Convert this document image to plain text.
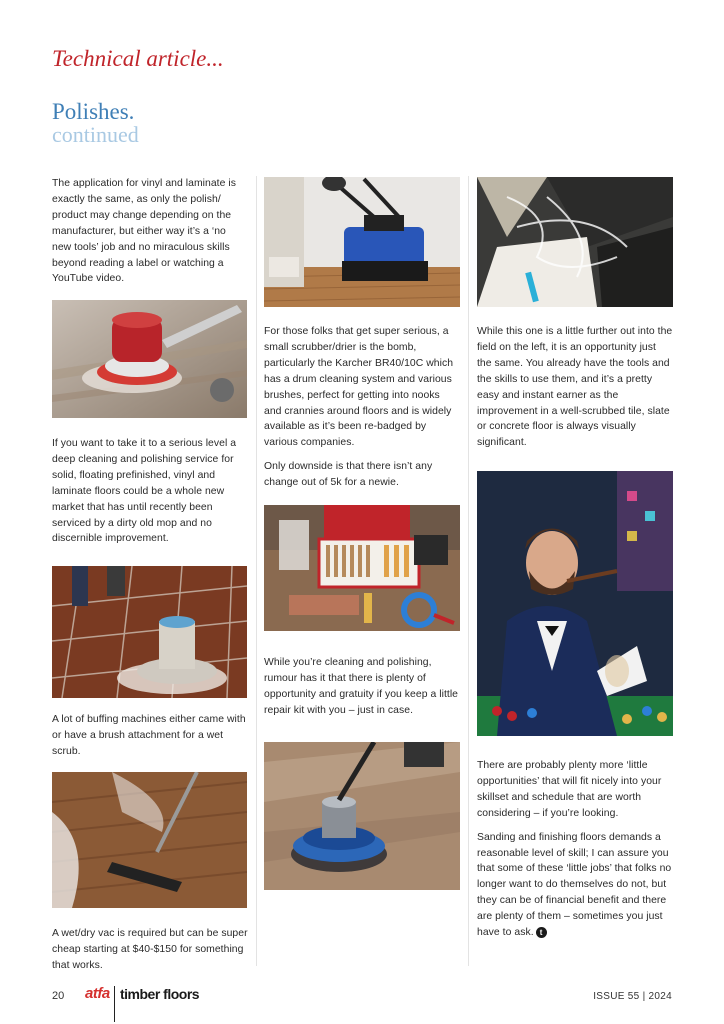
Technical article...
Polishes.
continued

The application for vinyl and laminate is exactly the same, as only the polish/ product may change depending on the manufacturer, but either way it’s a ‘no new tools’ job and no miraculous skills beyond reading a label or watching a YouTube video.

If you want to take it to a serious level a deep cleaning and polishing service for solid, floating prefinished, vinyl and laminate floors could be a whole new market that has until recently been serviced by a dirty old mop and no discernible improvement.

A lot of buffing machines either came with or have a brush attachment for a wet scrub.

A wet/dry vac is required but can be super cheap starting at $40-$150 for something that works.

For those folks that get super serious, a small scrubber/drier is the bomb, particularly the Karcher BR40/10C which has a drum cleaning system and various brushes, perfect for getting into nooks and crannies around floors and is widely available as it’s been re-badged by various companies.

Only downside is that there isn’t any change out of 5k for a newie.

While you’re cleaning and polishing, rumour has it that there is plenty of opportunity and gratuity if you keep a little repair kit with you – just in case.

While this one is a little further out into the field on the left, it is an opportunity just the same. You already have the tools and the skills to use them, and it’s a pretty easy and instant earner as the improvement in a well-scrubbed tile, slate or concrete floor is always visually significant.

There are probably plenty more ‘little opportunities’ that will fit nicely into your skillset and schedule that are worth considering – if you’re looking.

Sanding and finishing floors demands a reasonable level of skill; I can assure you that some of these ‘little jobs’ that folks no longer want to do themselves do not, but they can be of financial benefit and there are plenty of them – sometimes you just have to ask. t

20 atfa timber floors	ISSUE 55 | 2024
